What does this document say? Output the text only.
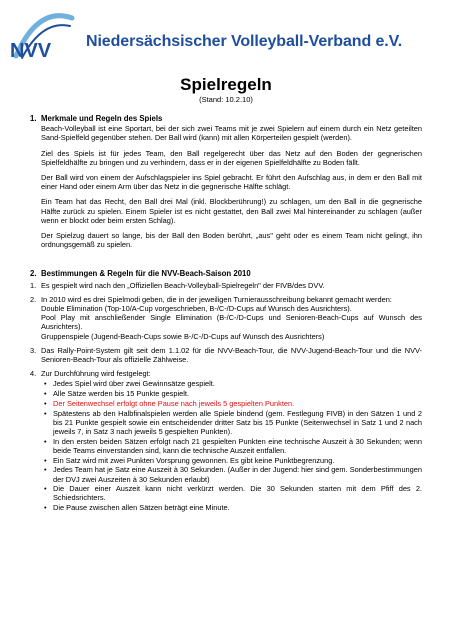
NVV Niedersächsischer Volleyball-Verband e.V.
Spielregeln
(Stand: 10.2.10)
1. Merkmale und Regeln des Spiels

Beach-Volleyball ist eine Sportart, bei der sich zwei Teams mit je zwei Spielern auf einem durch ein Netz geteilten Sand-Spielfeld gegenüber stehen. Der Ball wird (kann) mit allen Körperteilen gespielt (werden).

Ziel des Spiels ist für jedes Team, den Ball regelgerecht über das Netz auf den Boden der gegnerischen Spielfeldhälfte zu bringen und zu verhindern, dass er in der eigenen Spielfeldhälfte zu Boden fällt.

Der Ball wird von einem der Aufschlagspieler ins Spiel gebracht. Er führt den Aufschlag aus, in dem er den Ball mit einer Hand oder einem Arm über das Netz in die gegnerische Hälfte schlägt.

Ein Team hat das Recht, den Ball drei Mal (inkl. Blockberührung!) zu schlagen, um den Ball in die gegnerische Hälfte zurück zu spielen. Einem Spieler ist es nicht gestattet, den Ball zwei Mal hintereinander zu schlagen (außer wenn er blockt oder beim ersten Schlag).

Der Spielzug dauert so lange, bis der Ball den Boden berührt, „aus" geht oder es einem Team nicht gelingt, ihn ordnungsgemäß zu spielen.

2. Bestimmungen & Regeln für die NVV-Beach-Saison 2010
1. Es gespielt wird nach den „Offiziellen Beach-Volleyball-Spielregeln" der FIVB/des DVV.
2. In 2010 wird es drei Spielmodi geben, die in der jeweiligen Turnierausschreibung bekannt gemacht werden:
Double Elimination (Top-10/A-Cup vorgeschrieben, B-/C-/D-Cups auf Wunsch des Ausrichters).
Pool Play mit anschließender Single Elimination (B-/C-/D-Cups und Senioren-Beach-Cups auf Wunsch des Ausrichters).
Gruppenspiele (Jugend-Beach-Cups sowie B-/C-/D-Cups auf Wunsch des Ausrichters)
3. Das Rally-Point-System gilt seit dem 1.1.02 für die NVV-Beach-Tour, die NVV-Jugend-Beach-Tour und die NVV-Senioren-Beach-Tour als offizielle Zählweise.
4. Zur Durchführung wird festgelegt:
• Jedes Spiel wird über zwei Gewinnsätze gespielt.
• Alle Sätze werden bis 15 Punkte gespielt.
• Der Seitenwechsel erfolgt ohne Pause nach jeweils 5 gespielten Punkten.
• Spätestens ab den Halbfinalspielen werden alle Spiele bindend (gem. Festlegung FIVB) in den Sätzen 1 und 2 bis 21 Punkte gespielt sowie ein entscheidender dritter Satz bis 15 Punkte (Seitenwechsel in Satz 1 und 2 nach jeweils 7, in Satz 3 nach jeweils 5 gespielten Punkten).
• In den ersten beiden Sätzen erfolgt nach 21 gespielten Punkten eine technische Auszeit à 30 Sekunden; wenn beide Teams einverstanden sind, kann die technische Auszeit entfallen.
• Ein Satz wird mit zwei Punkten Vorsprung gewonnen. Es gibt keine Punktbegrenzung.
• Jedes Team hat je Satz eine Auszeit à 30 Sekunden. (Außer in der Jugend: hier sind gem. Sonderbestimmungen der DVJ zwei Auszeiten à 30 Sekunden erlaubt)
• Die Dauer einer Auszeit kann nicht verkürzt werden. Die 30 Sekunden starten mit dem Pfiff des 2. Schiedsrichters.
• Die Pause zwischen allen Sätzen beträgt eine Minute.
